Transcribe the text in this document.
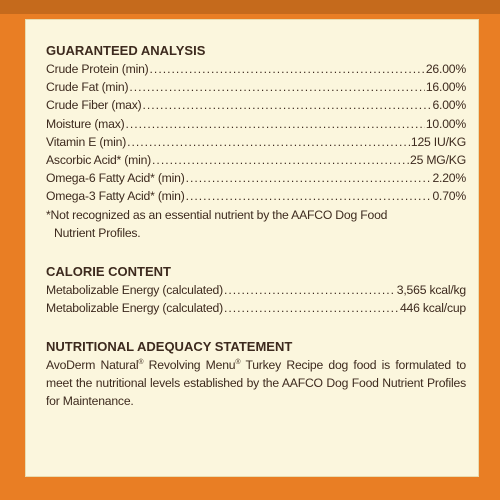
GUARANTEED ANALYSIS
Crude Protein (min) .....	26.00%
Crude Fat (min) .....	16.00%
Crude Fiber (max) .....	6.00%
Moisture (max) .....	10.00%
Vitamin E (min) .....	125 IU/KG
Ascorbic Acid* (min) .....	25 MG/KG
Omega-6 Fatty Acid* (min) .....	2.20%
Omega-3 Fatty Acid* (min) .....	0.70%
*Not recognized as an essential nutrient by the AAFCO Dog Food
Nutrient Profiles.
CALORIE CONTENT
Metabolizable Energy (calculated) .....	3,565 kcal/kg
Metabolizable Energy (calculated) .....	446 kcal/cup
NUTRITIONAL ADEQUACY STATEMENT
AvoDerm Natural® Revolving Menu® Turkey Recipe dog food is formulated to meet the nutritional levels established by the AAFCO Dog Food Nutrient Profiles for Maintenance.
